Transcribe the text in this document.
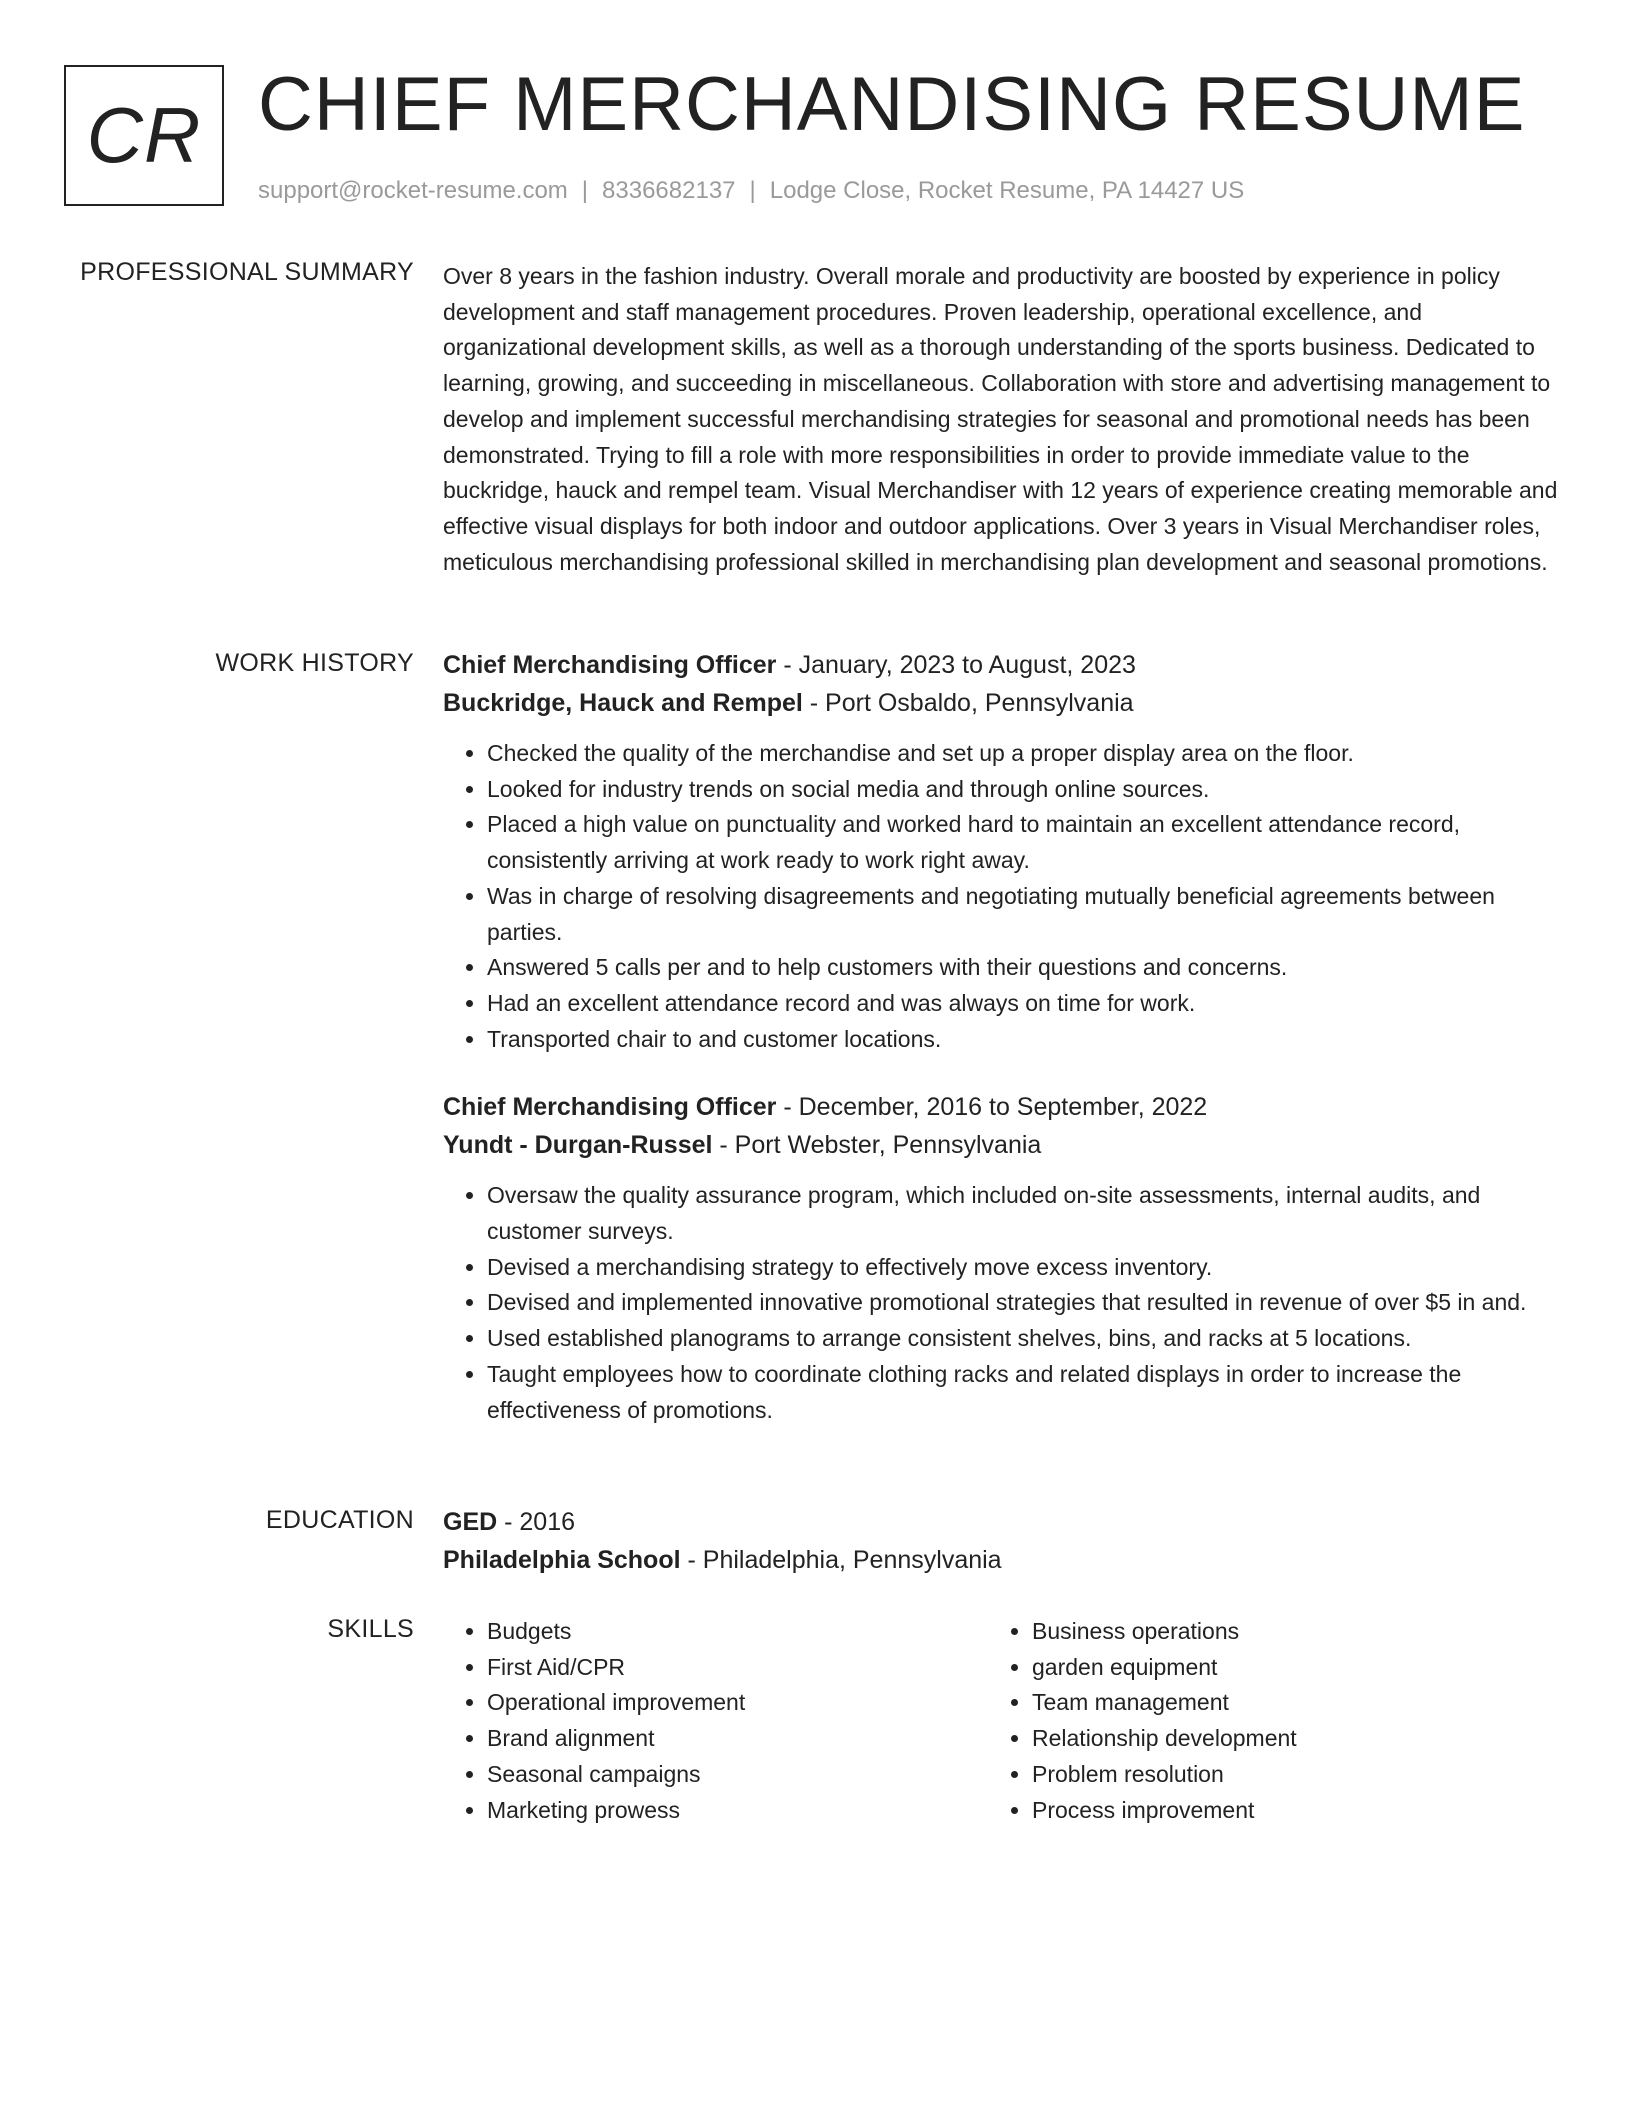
CR CHIEF MERCHANDISING RESUME
support@rocket-resume.com | 8336682137 | Lodge Close, Rocket Resume, PA 14427 US
PROFESSIONAL SUMMARY Over 8 years in the fashion industry. Overall morale and productivity are boosted by experience in policy development and staff management procedures. Proven leadership, operational excellence, and organizational development skills, as well as a thorough understanding of the sports business. Dedicated to learning, growing, and succeeding in miscellaneous. Collaboration with store and advertising management to develop and implement successful merchandising strategies for seasonal and promotional needs has been demonstrated. Trying to fill a role with more responsibilities in order to provide immediate value to the buckridge, hauck and rempel team. Visual Merchandiser with 12 years of experience creating memorable and effective visual displays for both indoor and outdoor applications. Over 3 years in Visual Merchandiser roles, meticulous merchandising professional skilled in merchandising plan development and seasonal promotions.

WORK HISTORY Chief Merchandising Officer - January, 2023 to August, 2023
Buckridge, Hauck and Rempel - Port Osbaldo, Pennsylvania
• Checked the quality of the merchandise and set up a proper display area on the floor.
• Looked for industry trends on social media and through online sources.
• Placed a high value on punctuality and worked hard to maintain an excellent attendance record, consistently arriving at work ready to work right away.
• Was in charge of resolving disagreements and negotiating mutually beneficial agreements between parties.
• Answered 5 calls per and to help customers with their questions and concerns.
• Had an excellent attendance record and was always on time for work.
• Transported chair to and customer locations.
Chief Merchandising Officer - December, 2016 to September, 2022
Yundt - Durgan-Russel - Port Webster, Pennsylvania
• Oversaw the quality assurance program, which included on-site assessments, internal audits, and customer surveys.
• Devised a merchandising strategy to effectively move excess inventory.
• Devised and implemented innovative promotional strategies that resulted in revenue of over $5 in and.
• Used established planograms to arrange consistent shelves, bins, and racks at 5 locations.
• Taught employees how to coordinate clothing racks and related displays in order to increase the effectiveness of promotions.
EDUCATION GED - 2016
Philadelphia School - Philadelphia, Pennsylvania
SKILLS
•	Budgets
• First Aid/CPR
• Operational improvement
• Brand alignment
• Seasonal campaigns
• Marketing prowess
• Business operations
• garden equipment
• Team management
• Relationship development
• Problem resolution
• Process improvement
